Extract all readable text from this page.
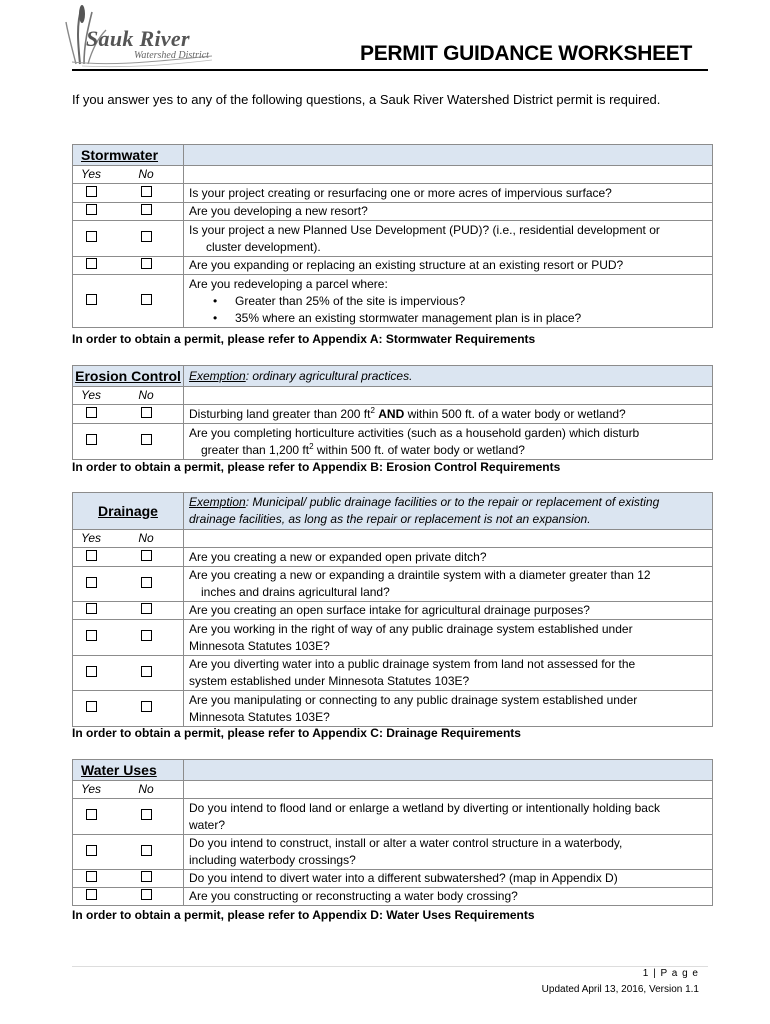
Sauk River
Watershed District	PERMIT GUIDANCE WORKSHEET
If you answer yes to any of the following questions, a Sauk River Watershed District permit is required.
Stormwater		
Yes	No	
		Is your project creating or resurfacing one or more acres of impervious surface?
		Are you developing a new resort?

		Is your project a new Planned Use Development (PUD)? (i.e., residential development or
cluster development).

		Are you expanding or replacing an existing structure at an existing resort or PUD?

		Are you redeveloping a parcel where:
• Greater than 25% of the site is impervious?
• 35% where an existing stormwater management plan is in place?
In order to obtain a permit, please refer to Appendix A: Stormwater Requirements
Erosion Control		Exemption: ordinary agricultural practices.
Yes	No	
		Disturbing land greater than 200 $ft^2$ AND within 500 ft. of a water body or wetland?

		Are you completing horticulture activities (such as a household garden) which disturb
greater than 1,200 $ft^2$ within 500 ft. of water body or wetland?
In order to obtain a permit, please refer to Appendix B: Erosion Control Requirements
Drainage		Exemption: Municipal/ public drainage facilities or to the repair or replacement of existing
drainage facilities, as long as the repair or replacement is not an expansion.

Yes	No	
		Are you creating a new or expanded open private ditch?

		Are you creating a new or expanding a draintile system with a diameter greater than 12
inches and drains agricultural land?

		Are you creating an open surface intake for agricultural drainage purposes?

		Are you working in the right of way of any public drainage system established under
Minnesota Statutes 103E?

		Are you diverting water into a public drainage system from land not assessed for the
system established under Minnesota Statutes 103E?

		Are you manipulating or connecting to any public drainage system established under
Minnesota Statutes 103E?
In order to obtain a permit, please refer to Appendix C: Drainage Requirements
Water Uses		
Yes	No	

		Do you intend to flood land or enlarge a wetland by diverting or intentionally holding back
water?

		Do you intend to construct, install or alter a water control structure in a waterbody,
including waterbody crossings?

		Do you intend to divert water into a different subwatershed? (map in Appendix D)
		Are you constructing or reconstructing a water body crossing?
In order to obtain a permit, please refer to Appendix D: Water Uses Requirements
1 | P a g e
Updated April 13, 2016, Version 1.1
